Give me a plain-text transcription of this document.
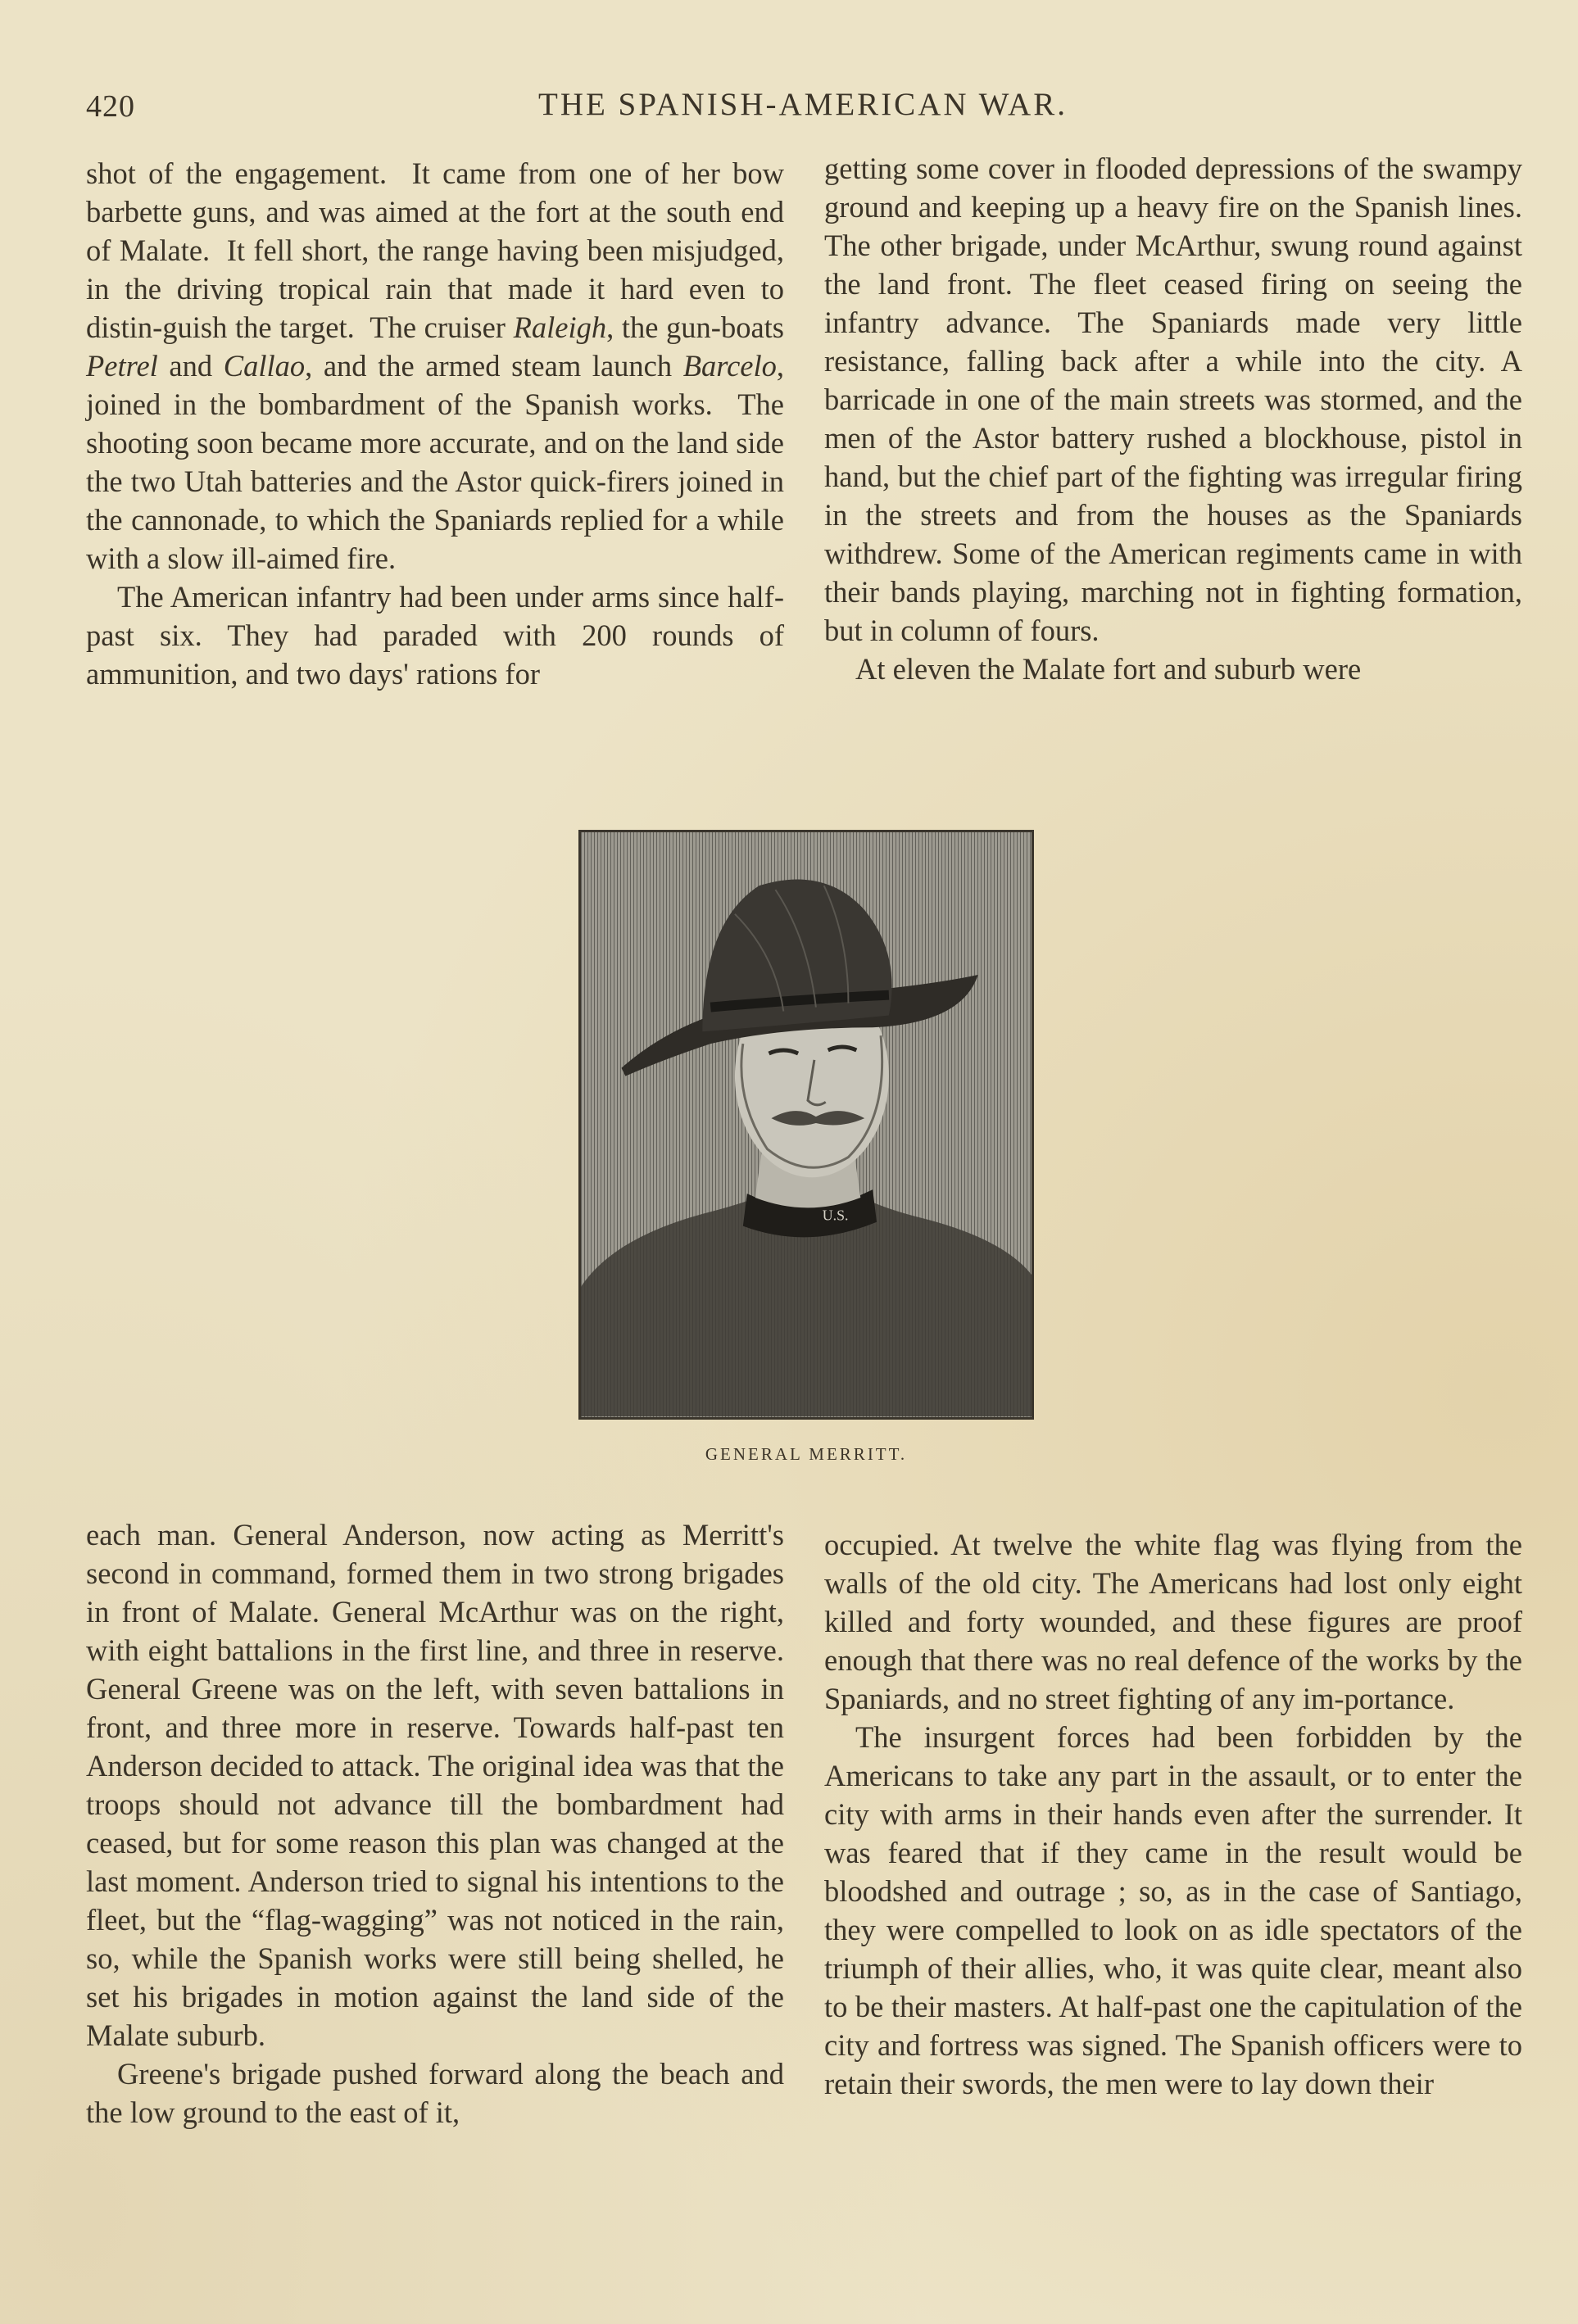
420	THE SPANISH-AMERICAN WAR.

shot of the engagement.  It came from one of her bow barbette guns, and was aimed at the fort at the south end of Malate.  It fell short, the range having been misjudged, in the driving tropical rain that made it hard even to distin-guish the target.  The cruiser Raleigh, the gun-boats Petrel and Callao, and the armed steam launch Barcelo, joined in the bombardment of the Spanish works.  The shooting soon became more accurate, and on the land side the two Utah batteries and the Astor quick-firers joined in the cannonade, to which the Spaniards replied for a while with a slow ill-aimed fire.

The American infantry had been under arms since half-past six. They had paraded with 200 rounds of ammunition, and two days' rations for

getting some cover in flooded depressions of the swampy ground and keeping up a heavy fire on the Spanish lines. The other brigade, under McArthur, swung round against the land front. The fleet ceased firing on seeing the infantry advance. The Spaniards made very little resistance, falling back after a while into the city. A barricade in one of the main streets was stormed, and the men of the Astor battery rushed a blockhouse, pistol in hand, but the chief part of the fighting was irregular firing in the streets and from the houses as the Spaniards withdrew. Some of the American regiments came in with their bands playing, marching not in fighting formation, but in column of fours.

At eleven the Malate fort and suburb were

U.S.
GENERAL MERRITT.

each man. General Anderson, now acting as Merritt's second in command, formed them in two strong brigades in front of Malate. General McArthur was on the right, with eight battalions in the first line, and three in reserve. General Greene was on the left, with seven battalions in front, and three more in reserve. Towards half-past ten Anderson decided to attack. The original idea was that the troops should not advance till the bombardment had ceased, but for some reason this plan was changed at the last moment. Anderson tried to signal his intentions to the fleet, but the “flag-wagging” was not noticed in the rain, so, while the Spanish works were still being shelled, he set his brigades in motion against the land side of the Malate suburb.

Greene's brigade pushed forward along the beach and the low ground to the east of it,

occupied. At twelve the white flag was flying from the walls of the old city. The Americans had lost only eight killed and forty wounded, and these figures are proof enough that there was no real defence of the works by the Spaniards, and no street fighting of any im-portance.

The insurgent forces had been forbidden by the Americans to take any part in the assault, or to enter the city with arms in their hands even after the surrender. It was feared that if they came in the result would be bloodshed and outrage ; so, as in the case of Santiago, they were compelled to look on as idle spectators of the triumph of their allies, who, it was quite clear, meant also to be their masters. At half-past one the capitulation of the city and fortress was signed. The Spanish officers were to retain their swords, the men were to lay down their
